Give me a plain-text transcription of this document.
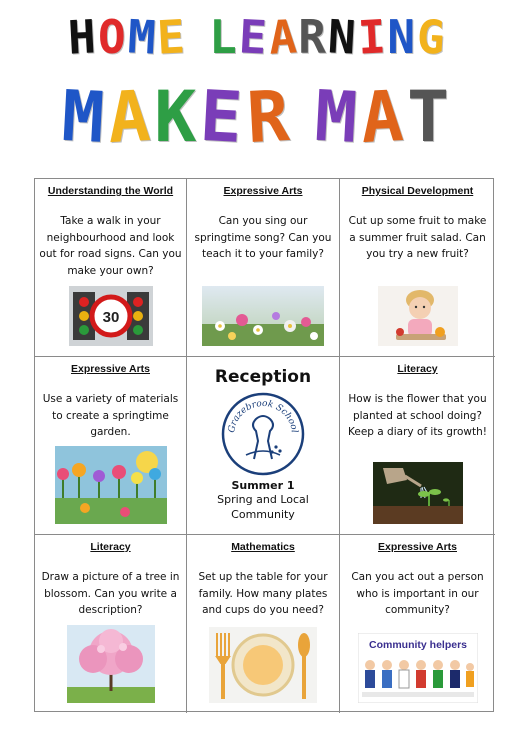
HOME LEARNING
MAKER MAT
Understanding the World
Take a walk in your neighbourhood and look out for road signs. Can you make your own?
30
Expressive Arts
Can you sing our springtime song? Can you teach it to your family?
Physical Development
Cut up some fruit to make a summer fruit salad. Can you try a new fruit?
Expressive Arts
Use a variety of materials to create a springtime garden.
Reception
Grazebrook School
Summer 1
Spring and Local Community
Literacy
How is the flower that you planted at school doing? Keep a diary of its growth!
Literacy
Draw a picture of a tree in blossom. Can you write a description?
Mathematics
Set up the table for your family. How many plates and cups do you need?
Expressive Arts
Can you act out a person who is important in our community?
Community helpers
